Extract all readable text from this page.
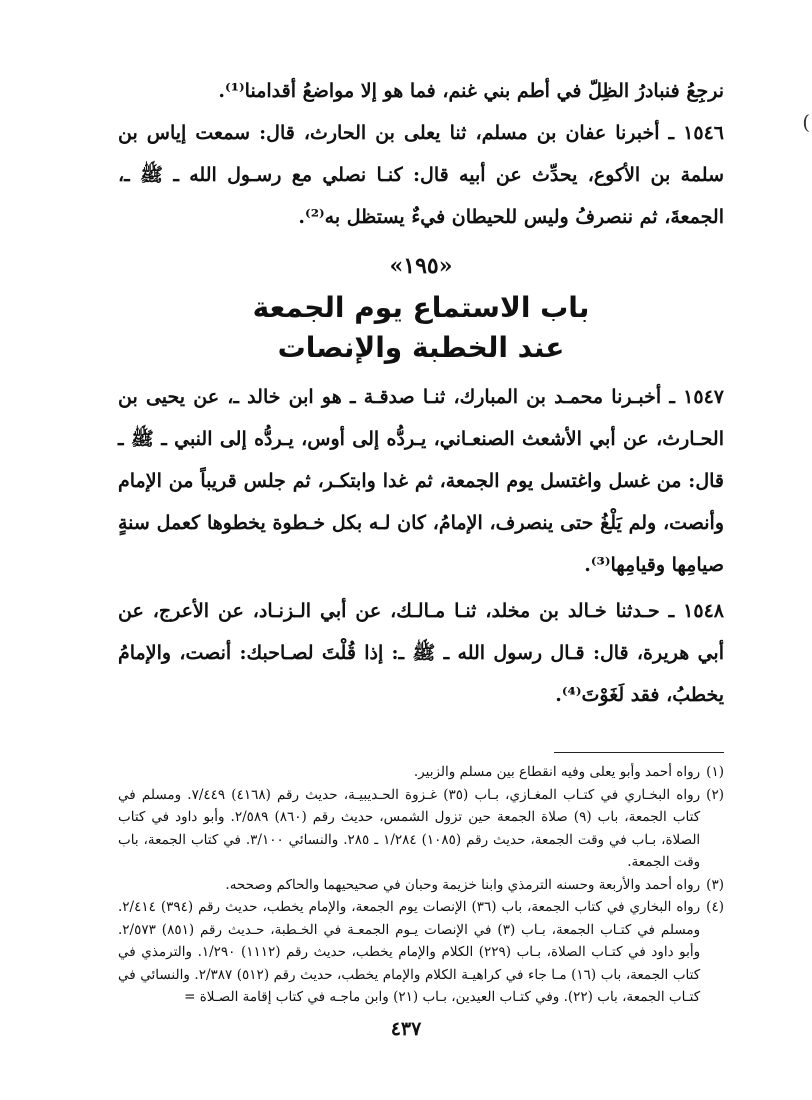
(

نرجِعُ فنبادرُ الظِلّ في أطم بني غنم، فما هو إلا مواضعُ أقدامنا⁽¹⁾.

١٥٤٦ ـ أخبرنا عفان بن مسلم، ثنا يعلى بن الحارث، قال: سمعت إياس بن سلمة بن الأكوع، يحدِّث عن أبيه قال: كنـا نصلي مع رسـول الله ـ ﷺ ـ، الجمعةَ، ثم ننصرفُ وليس للحيطان فيءٌ يستظل به⁽²⁾.

«١٩٥»
باب الاستماع يوم الجمعة
عند الخطبة والإنصات

١٥٤٧ ـ أخبـرنا محمـد بن المبارك، ثنـا صدقـة ـ هو ابن خالد ـ، عن يحيى بن الحـارث، عن أبي الأشعث الصنعـاني، يـردُّه إلى أوس، يـردُّه إلى النبي ـ ﷺ ـ قال: من غسل واغتسل يوم الجمعة، ثم غدا وابتكـر، ثم جلس قريباً من الإمام وأنصت، ولم يَلْغُ حتى ينصرف، الإمامُ، كان لـه بكل خـطوة يخطوها كعمل سنةٍ صيامِها وقيامِها⁽³⁾.

١٥٤٨ ـ حـدثنا خـالد بن مخلد، ثنـا مـالـك، عن أبي الـزنـاد، عن الأعرج، عن أبي هريرة، قال: قـال رسول الله ـ ﷺ ـ: إذا قُلْتَ لصـاحبك: أنصت، والإمامُ يخطبُ، فقد لَغَوْتَ⁽⁴⁾.

(١)
رواه أحمد وأبو يعلى وفيه انقطاع بين مسلم والزبير.
(٢)
رواه البخـاري في كتـاب المغـازي، بـاب (٣٥) غـزوة الحـديبيـة، حديث رقم (٤١٦٨) ٧/٤٤٩. ومسلم في كتاب الجمعة، باب (٩) صلاة الجمعة حين تزول الشمس، حديث رقم (٨٦٠) ٢/٥٨٩. وأبو داود في كتاب الصلاة، بـاب في وقت الجمعة، حديث رقم (١٠٨٥) ١/٢٨٤ ـ ٢٨٥. والنسائي ٣/١٠٠. في كتاب الجمعة، باب وقت الجمعة.
(٣)
رواه أحمد والأربعة وحسنه الترمذي وابنا خزيمة وحبان في صحيحيهما والحاكم وصححه.
(٤)
رواه البخاري في كتاب الجمعة، باب (٣٦) الإنصات يوم الجمعة، والإمام يخطب، حديث رقم (٣٩٤) ٢/٤١٤. ومسلم في كتـاب الجمعة، بـاب (٣) في الإنصات يـوم الجمعـة في الخـطبة، حـديث رقم (٨٥١) ٢/٥٧٣. وأبو داود في كتـاب الصلاة، بـاب (٢٢٩) الكلام والإمام يخطب، حديث رقم (١١١٢) ١/٢٩٠. والترمذي في كتاب الجمعة، باب (١٦) مـا جاء في كراهيـة الكلام والإمام يخطب، حديث رقم (٥١٢) ٢/٣٨٧. والنسائي في كتـاب الجمعة، باب (٢٢). وفي كتـاب العيدين، بـاب (٢١) وابن ماجـه في كتاب إقامة الصـلاة =
٤٣٧
